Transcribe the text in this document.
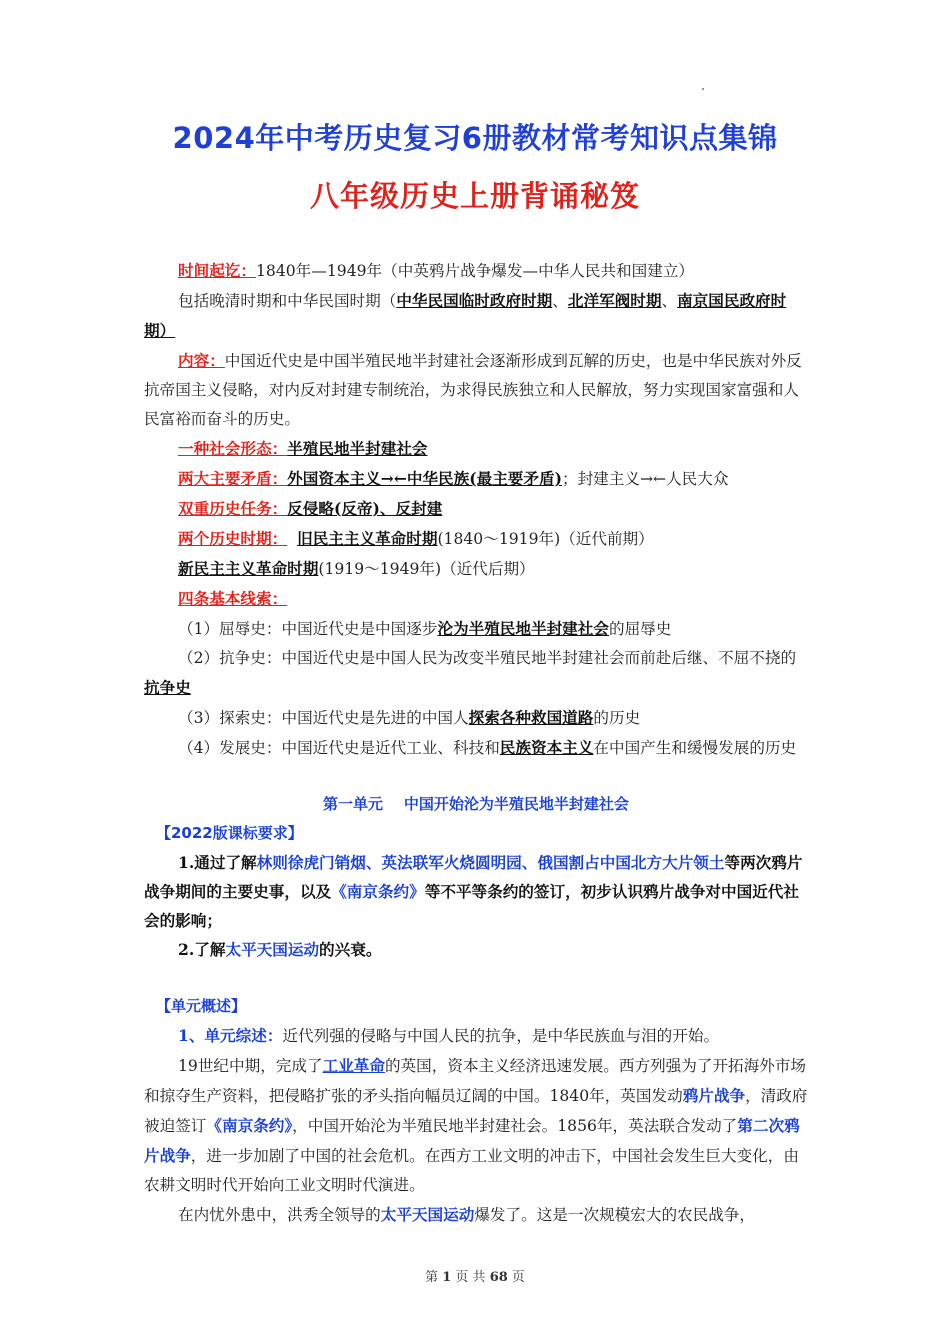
2024年中考历史复习6册教材常考知识点集锦
八年级历史上册背诵秘笈

时间起讫：1840年—1949年（中英鸦片战争爆发—中华人民共和国建立）

包括晚清时期和中华民国时期（中华民国临时政府时期、北洋军阀时期、南京国民政府时期）

内容：中国近代史是中国半殖民地半封建社会逐渐形成到瓦解的历史，也是中华民族对外反抗帝国主义侵略，对内反对封建专制统治，为求得民族独立和人民解放，努力实现国家富强和人民富裕而奋斗的历史。

一种社会形态：半殖民地半封建社会

两大主要矛盾：外国资本主义→←中华民族(最主要矛盾)；封建主义→←人民大众

双重历史任务：反侵略(反帝)、反封建

两个历史时期： 旧民主主义革命时期(1840～1919年)（近代前期）

新民主主义革命时期(1919～1949年)（近代后期）

四条基本线索：

（1）屈辱史：中国近代史是中国逐步沦为半殖民地半封建社会的屈辱史

（2）抗争史：中国近代史是中国人民为改变半殖民地半封建社会而前赴后继、不屈不挠的抗争史

（3）探索史：中国近代史是先进的中国人探索各种救国道路的历史

（4）发展史：中国近代史是近代工业、科技和民族资本主义在中国产生和缓慢发展的历史

第一单元    中国开始沦为半殖民地半封建社会

【2022版课标要求】

1.通过了解林则徐虎门销烟、英法联军火烧圆明园、俄国割占中国北方大片领土等两次鸦片战争期间的主要史事，以及《南京条约》等不平等条约的签订，初步认识鸦片战争对中国近代社会的影响；

2.了解太平天国运动的兴衰。

【单元概述】

1、单元综述：近代列强的侵略与中国人民的抗争，是中华民族血与泪的开始。

19世纪中期，完成了工业革命的英国，资本主义经济迅速发展。西方列强为了开拓海外市场和掠夺生产资料，把侵略扩张的矛头指向幅员辽阔的中国。1840年，英国发动鸦片战争，清政府被迫签订《南京条约》，中国开始沦为半殖民地半封建社会。1856年，英法联合发动了第二次鸦片战争，进一步加剧了中国的社会危机。在西方工业文明的冲击下，中国社会发生巨大变化，由农耕文明时代开始向工业文明时代演进。

在内忧外患中，洪秀全领导的太平天国运动爆发了。这是一次规模宏大的农民战争，

第 1 页 共 68 页
